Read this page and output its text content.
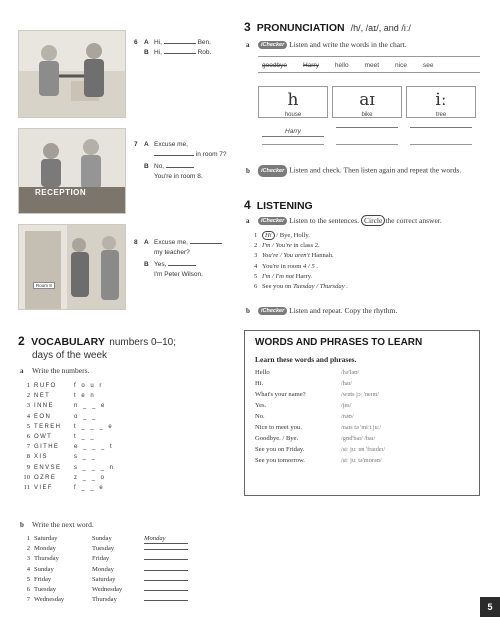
6 A Hi,	Ben.
B Hi,	Rob.
RECEPTION
7 A Excuse me,
in room 7?
B No,
You're in room 8.
Room 8
8 A Excuse me,
my teacher?
B Yes,
I'm Peter Wilson.
2 VOCABULARY numbers 0–10;
days of the week
a Write the numbers.
1 RUFO	f o u r
2 NET	t e n
3 INNE	n _ _ e
4 EON	o _ _
5 TEREH t _ _ _ e
6 OWT	t _ _
7 GITHE e _ _ _ t
8 XIS	s _ _
9 ENVSE s _ _ _ n
10 OZRE	z _ _ o
11 VIEF	f _ _ e
b Write the next word.
1 Saturday	Sunday	Monday
2 Monday	Tuesday
3 Thursday	Friday
4 Sunday	Monday
5 Friday	Saturday
6 Tuesday	Wednesday
7 Wednesday	Thursday
3 PRONUNCIATION /h/, /aɪ/, and /iː/
a iChecker Listen and write the words in the chart.
goodbye Harry hello meet nice see
h
house
Harry
aɪ
bike
iː
tree
b iChecker Listen and check. Then listen again and repeat the words.
4 LISTENING
a iChecker Listen to the sentences. Circle the correct answer.
1 Hi / Bye, Holly.
2 I'm / You're in class 2.
3 You're / You aren't Hannah.
4 You're in room 4 / 5 .
5 I'm / I'm not Harry.
6 See you on Tuesday / Thursday .
b iChecker Listen and repeat. Copy the rhythm.
WORDS AND PHRASES TO LEARN
Learn these words and phrases.
Hello	/hə'ləʊ/
Hi.	/haɪ/
What's your name?	/wɒts jɔː 'neɪm/
Yes.	/jes/
No.	/nəʊ/
Nice to meet you.	/naɪs tə 'miːt juː/
Goodbye. / Bye.	/gʊd'baɪ/ /baɪ/
See you on Friday.	/siː juː ɒn 'fraɪdeɪ/
See you tomorrow.	/siː juː tə'mɒrəʊ/
5
